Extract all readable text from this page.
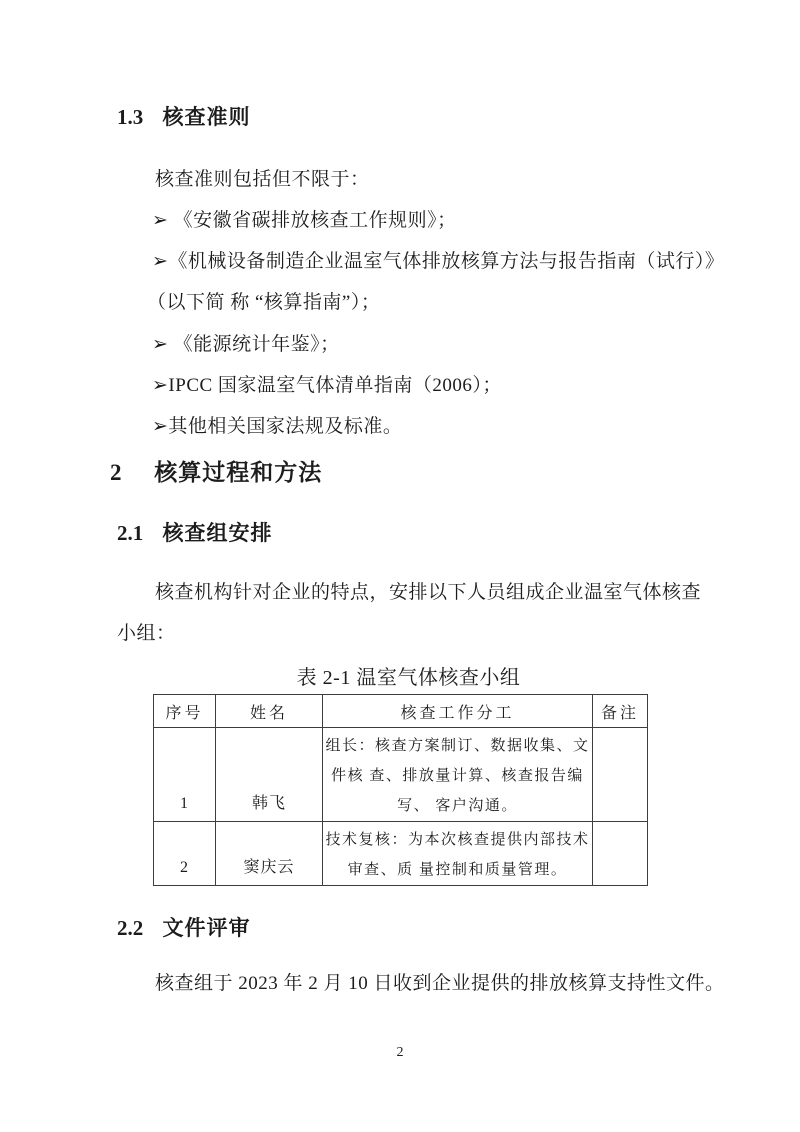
1.3 核查准则
核查准则包括但不限于：
➢ 《安徽省碳排放核查工作规则》；
➢《机械设备制造企业温室气体排放核算方法与报告指南（试行）》
（以下简 称 “核算指南”）；
➢ 《能源统计年鉴》；
➢IPCC 国家温室气体清单指南（2006）；
➢其他相关国家法规及标准。
2 核算过程和方法
2.1 核查组安排
核查机构针对企业的特点，安排以下人员组成企业温室气体核查
小组：
表 2-1 温室气体核查小组
序号	姓名	核查工作分工	备注
1	韩飞	组长：核查方案制订、数据收集、文
件核 查、排放量计算、核查报告编
写、 客户沟通。	

2	窦庆云	技术复核：为本次核查提供内部技术
审查、质 量控制和质量管理。	

2.2 文件评审
核查组于 2023 年 2 月 10 日收到企业提供的排放核算支持性文件。
2
